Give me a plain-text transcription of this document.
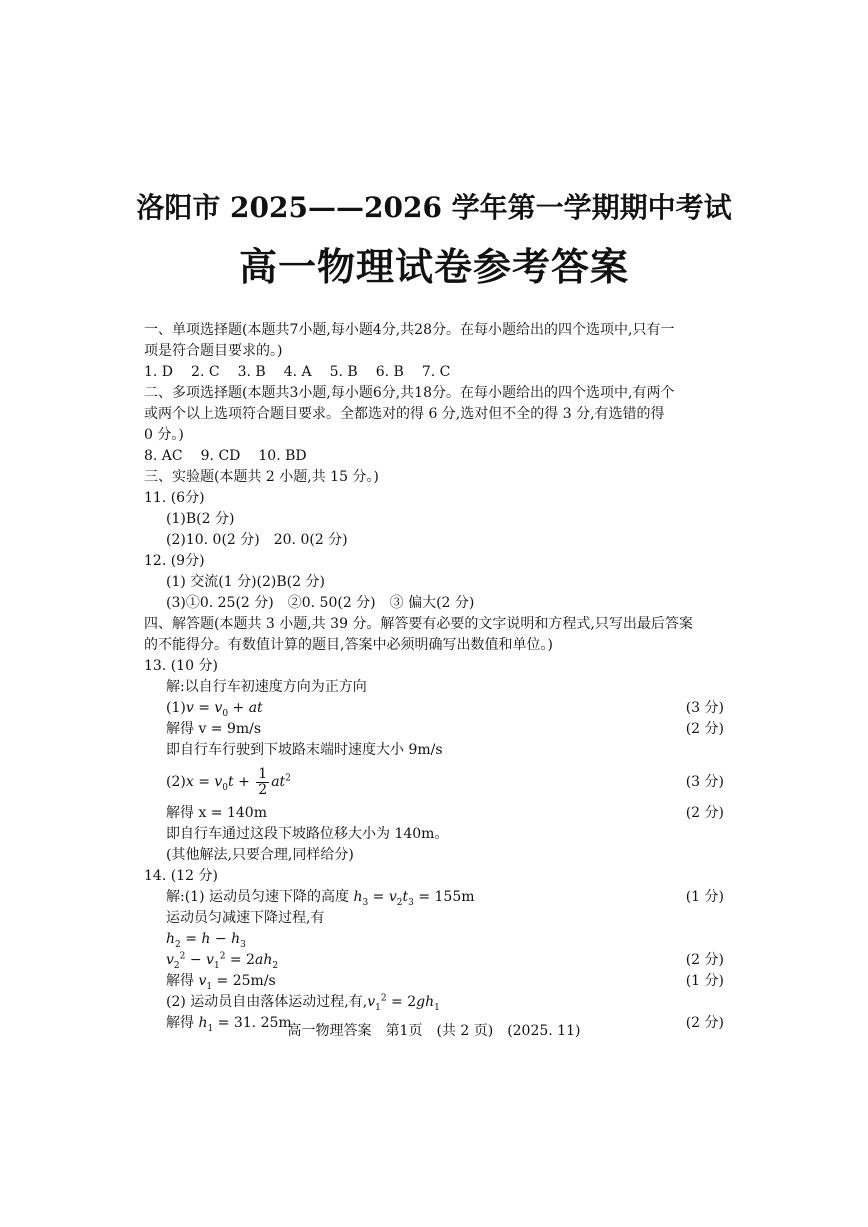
洛阳市 2025——2026 学年第一学期期中考试
高一物理试卷参考答案
一、单项选择题(本题共7小题,每小题4分,共28分。在每小题给出的四个选项中,只有一
项是符合题目要求的。)
1. D 2. C 3. B 4. A 5. B 6. B 7. C
二、多项选择题(本题共3小题,每小题6分,共18分。在每小题给出的四个选项中,有两个
或两个以上选项符合题目要求。全都选对的得 6 分,选对但不全的得 3 分,有选错的得
0 分。)
8. AC 9. CD 10. BD
三、实验题(本题共 2 小题,共 15 分。)
11. (6分)
(1)B(2 分)
(2)10. 0(2 分)　20. 0(2 分)
12. (9分)
(1) 交流(1 分)(2)B(2 分)
(3)①0. 25(2 分)　②0. 50(2 分)　③ 偏大(2 分)
四、解答题(本题共 3 小题,共 39 分。解答要有必要的文字说明和方程式,只写出最后答案
的不能得分。有数值计算的题目,答案中必须明确写出数值和单位。)
13. (10 分)
解:以自行车初速度方向为正方向
$(1)v = v_0$ + at	(3 分)
解得 v = 9m/s	(2 分)
即自行车行驶到下坡路末端时速度大小 9m/s
$(2)x = v_0t + \frac{1}{2} at^2$	(3 分)
解得 x = 140m	(2 分)
即自行车通过这段下坡路位移大小为 140m。
(其他解法,只要合理,同样给分)
14. (12 分)
解:(1) 运动员匀速下降的高度 $h_3 = v_2t_3 = 155m$	(1 分)
运动员匀减速下降过程,有
$h_2 = h - h_3$
$v_2^2 - v_1^2 = 2ah_2$	(2 分)
解得 $v_1 = 25m/s$	(1 分)
(2) 运动员自由落体运动过程,有$,v_1^2 = 2gh_1$
解得 $h_1 = 31$. 25m	(2 分)
高一物理答案 第1页 (共 2 页) (2025. 11)
